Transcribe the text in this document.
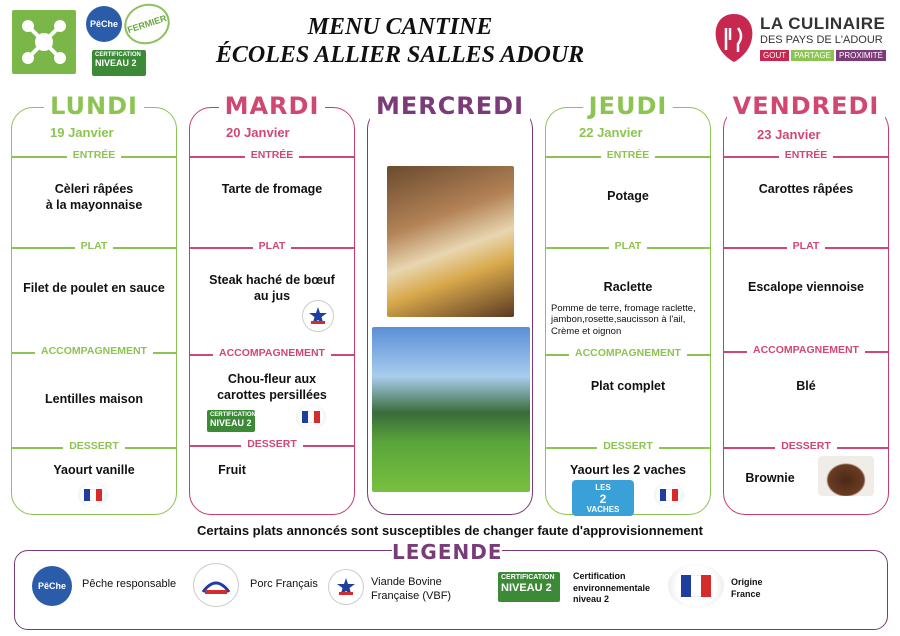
PêChe FERMIER
CERTIFICATION
NIVEAU 2
MENU CANTINE
ÉCOLES ALLIER SALLES ADOUR
LA CULINAIRE
DES PAYS DE L'ADOUR
GOUT	PARTAGE	PROXIMITÉ
LUNDI
19 Janvier
ENTRÉE
Cèleri râpées
à la mayonnaise
PLAT
Filet de poulet en sauce
ACCOMPAGNEMENT
Lentilles maison
DESSERT
Yaourt vanille
MARDI
20 Janvier
ENTRÉE
Tarte de fromage
PLAT
Steak haché de bœuf
au jus
ACCOMPAGNEMENT
Chou-fleur aux
carottes persillées
CERTIFICATION
NIVEAU 2
DESSERT
Fruit
MERCREDI	JEUDI
22 Janvier
ENTRÉE
Potage
PLAT
Raclette
Pomme de terre, fromage raclette,
jambon,rosette,saucisson à l'ail,
Crème et oignon
ACCOMPAGNEMENT
Plat complet
DESSERT
Yaourt les 2 vaches
LES
2
VACHES
VENDREDI
23 Janvier
ENTRÉE
Carottes râpées
PLAT
Escalope viennoise
ACCOMPAGNEMENT
Blé
DESSERT
Brownie
Certains plats annoncés sont susceptibles de changer faute d'approvisionnement
LEGENDE
PêChe	Pêche responsable	Porc Français	Viande Bovine
Française (VBF)
CERTIFICATION
NIVEAU 2
Certification
environnementale
niveau 2
Origine
France
